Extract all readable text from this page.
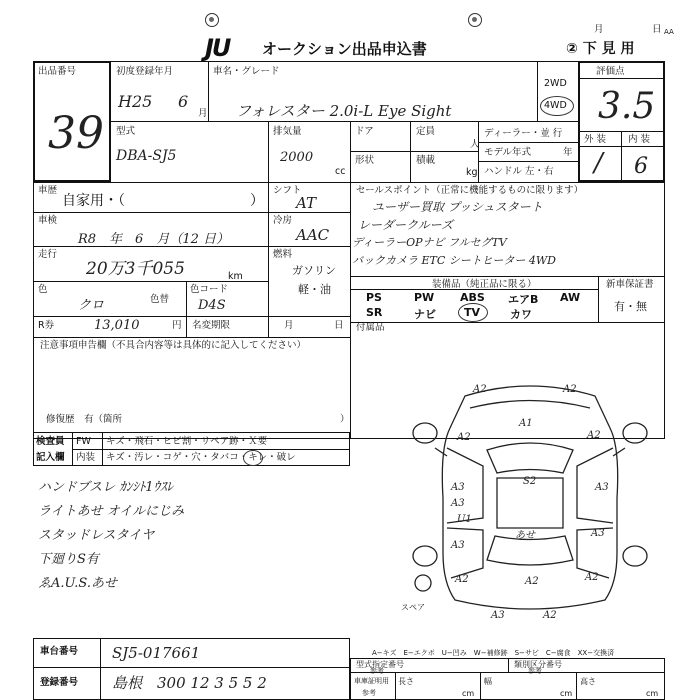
JU オークション出品申込書
月	日 AA
② 下 見 用
出品番号
39
初度登録年月
H25 6
月
車名・グレード
フォレスター 2.0i-L Eye Sight
2WD
4WD
評価点
3.5
外 装 内 装
/ 6
型式
DBA-SJ5
排気量
2000
cc
ドア	定員
人
形状	積載
kg
ディーラー・並 行
モデル年式	年
ハンドル 左・右
車歴
自家用・（	）
シフト
AT
セールスポイント（正常に機能するものに限ります）
ユーザー買取 プッシュスタート
レーダークルーズ
ディーラーOPナビ フルセグTV
バックカメラ ETC シートヒーター 4WD
車検
R8　年　6　月（12 日）
冷房
AAC
走行
20万3千055	km
燃料
ガソリン
軽・油	装備品（純正品に限る）	新車保証書
有・無
PS	PW ABS エアB AW
SR	ナビ	TV	カワ
付属品
色
クロ	色替
色コード
D4S
R券	13,010	円 名変期限	月	日
注意事項申告欄（不具合内容等は具体的に記入してください）
修復歴　有（箇所	）
検査員
記入欄
FW キズ・飛石・ヒビ割・リペア跡・Ｘ要
内装 キズ・汚レ・コゲ・穴・タバコ・キレ・破レ
ハンドブスレ ｶﾝｼﾄ1ｳｽﾚ
ライトあせ オイルにじみ
スタッドレスタイヤ
下廻りS有
ゑA.U.S.あせ
A2	A2
A1
A2	A2
A3
S2
A3
A3
U1
A3
A3
あせ
A2	A2	A2
A3	A2
スペア
A−キズ　E−エクボ　U−凹み　W−補修跡　S−サビ　C−腐食　XX−交換済
車台番号 SJ5-017661
登録番号 島根　300 12 3 5 5 2
型式指定番号
参考
類別区分番号
参考
車庫証明用
参考
長さ
cm
幅
cm
高さ
cm
